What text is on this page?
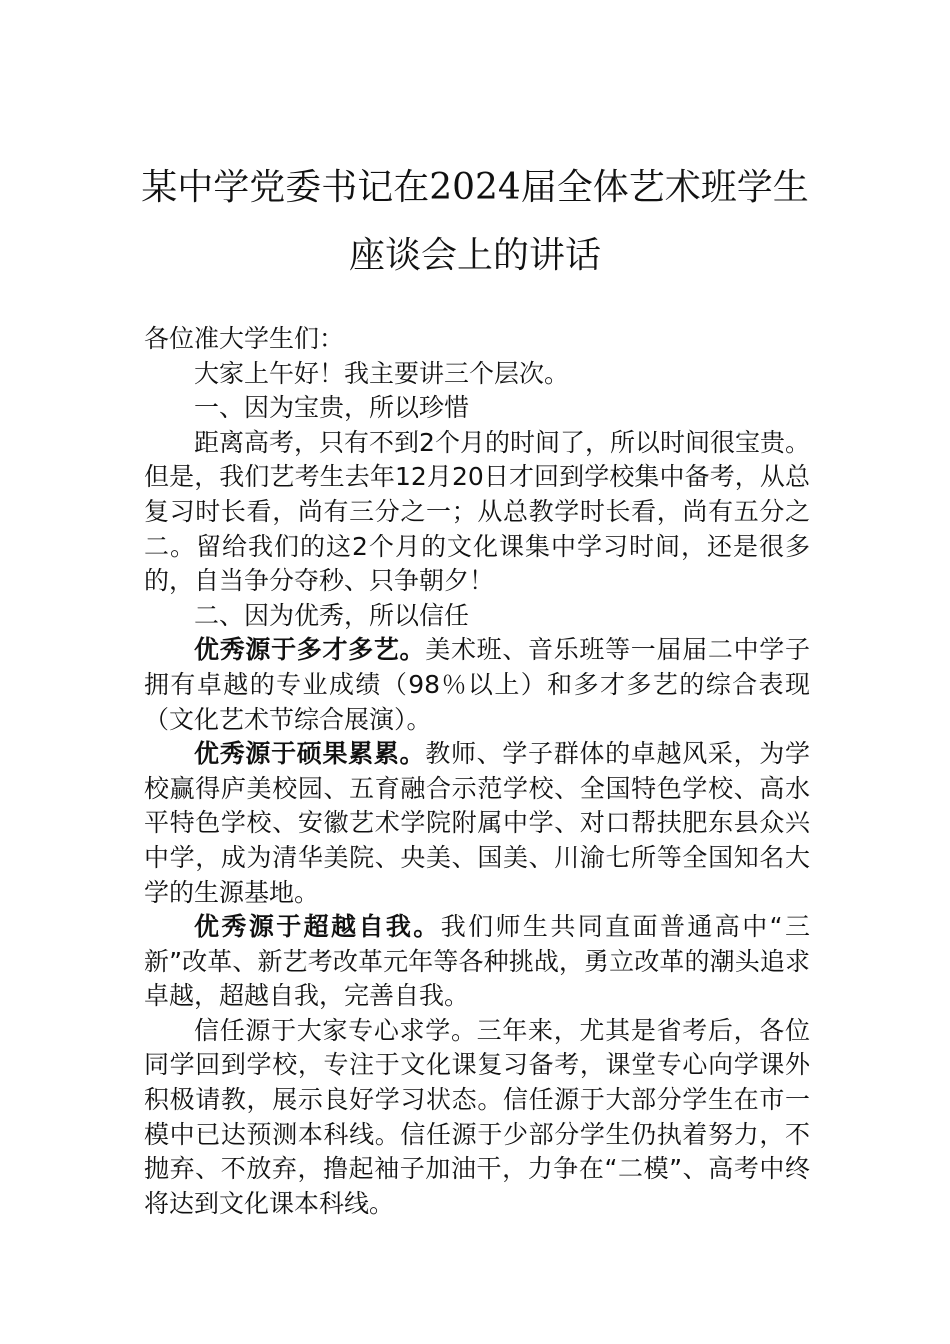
某中学党委书记在2024届全体艺术班学生
座谈会上的讲话

各位准大学生们：

大家上午好！我主要讲三个层次。

一、因为宝贵，所以珍惜

距离高考，只有不到2个月的时间了，所以时间很宝贵。但是，我们艺考生去年12月20日才回到学校集中备考，从总复习时长看，尚有三分之一；从总教学时长看，尚有五分之二。留给我们的这2个月的文化课集中学习时间，还是很多的，自当争分夺秒、只争朝夕！

二、因为优秀，所以信任

优秀源于多才多艺。美术班、音乐班等一届届二中学子拥有卓越的专业成绩（98％以上）和多才多艺的综合表现（文化艺术节综合展演）。

优秀源于硕果累累。教师、学子群体的卓越风采，为学校赢得庐美校园、五育融合示范学校、全国特色学校、高水平特色学校、安徽艺术学院附属中学、对口帮扶肥东县众兴中学，成为清华美院、央美、国美、川渝七所等全国知名大学的生源基地。

优秀源于超越自我。我们师生共同直面普通高中“三新”改革、新艺考改革元年等各种挑战，勇立改革的潮头追求卓越，超越自我，完善自我。

信任源于大家专心求学。三年来，尤其是省考后，各位同学回到学校，专注于文化课复习备考，课堂专心向学课外积极请教，展示良好学习状态。信任源于大部分学生在市一模中已达预测本科线。信任源于少部分学生仍执着努力，不抛弃、不放弃，撸起袖子加油干，力争在“二模”、高考中终将达到文化课本科线。
